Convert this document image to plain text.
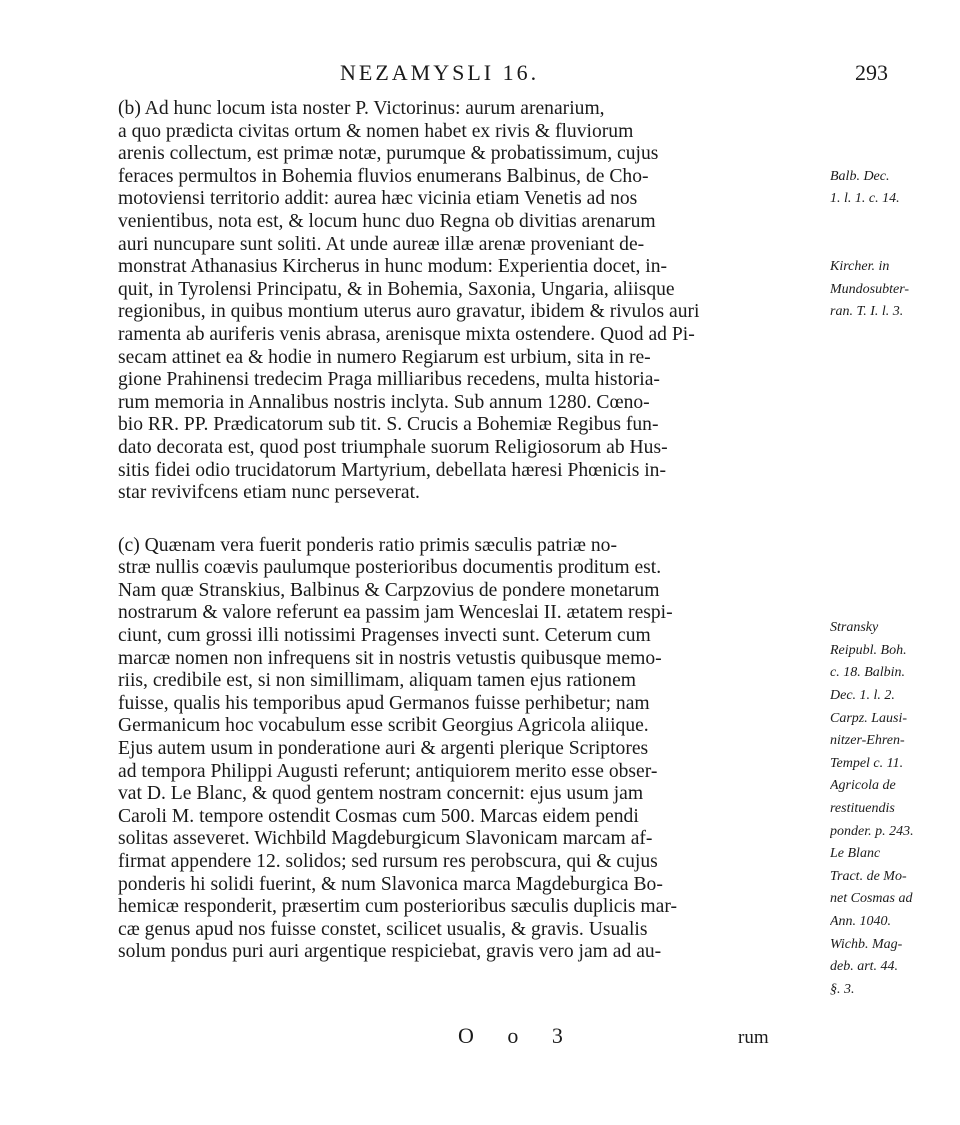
NEZAMYSLI 16.	293
(b) Ad hunc locum ista noster P. Victorinus: aurum arenarium,
a quo prædicta civitas ortum & nomen habet ex rivis & fluviorum
arenis collectum, est primæ notæ, purumque & probatissimum, cujus
feraces permultos in Bohemia fluvios enumerans Balbinus, de Cho-
motoviensi territorio addit: aurea hæc vicinia etiam Venetis ad nos
venientibus, nota est, & locum hunc duo Regna ob divitias arenarum
auri nuncupare sunt soliti. At unde aureæ illæ arenæ proveniant de-
monstrat Athanasius Kircherus in hunc modum: Experientia docet, in-
quit, in Tyrolensi Principatu, & in Bohemia, Saxonia, Ungaria, aliisque
regionibus, in quibus montium uterus auro gravatur, ibidem & rivulos auri
ramenta ab auriferis venis abrasa, arenisque mixta ostendere. Quod ad Pi-
secam attinet ea & hodie in numero Regiarum est urbium, sita in re-
gione Prahinensi tredecim Praga milliaribus recedens, multa historia-
rum memoria in Annalibus nostris inclyta. Sub annum 1280. Cœno-
bio RR. PP. Prædicatorum sub tit. S. Crucis a Bohemiæ Regibus fun-
dato decorata est, quod post triumphale suorum Religiosorum ab Hus-
sitis fidei odio trucidatorum Martyrium, debellata hæresi Phœnicis in-
star revivifcens etiam nunc perseverat.
(c) Quænam vera fuerit ponderis ratio primis sæculis patriæ no-
stræ nullis coævis paulumque posterioribus documentis proditum est.
Nam quæ Stranskius, Balbinus & Carpzovius de pondere monetarum
nostrarum & valore referunt ea passim jam Wenceslai II. ætatem respi-
ciunt, cum grossi illi notissimi Pragenses invecti sunt. Ceterum cum
marcæ nomen non infrequens sit in nostris vetustis quibusque memo-
riis, credibile est, si non simillimam, aliquam tamen ejus rationem
fuisse, qualis his temporibus apud Germanos fuisse perhibetur; nam
Germanicum hoc vocabulum esse scribit Georgius Agricola aliique.
Ejus autem usum in ponderatione auri & argenti plerique Scriptores
ad tempora Philippi Augusti referunt; antiquiorem merito esse obser-
vat D. Le Blanc, & quod gentem nostram concernit: ejus usum jam
Caroli M. tempore ostendit Cosmas cum 500. Marcas eidem pendi
solitas asseveret. Wichbild Magdeburgicum Slavonicam marcam af-
firmat appendere 12. solidos; sed rursum res perobscura, qui & cujus
ponderis hi solidi fuerint, & num Slavonica marca Magdeburgica Bo-
hemicæ responderit, præsertim cum posterioribus sæculis duplicis mar-
cæ genus apud nos fuisse constet, scilicet usualis, & gravis. Usualis
solum pondus puri auri argentique respiciebat, gravis vero jam ad au-
Balb. Dec.
1. l. 1. c. 14.
Kircher. in
Mundosubter-
ran. T. I. l. 3.
Stransky
Reipubl. Boh.
c. 18. Balbin.
Dec. 1. l. 2.
Carpz. Lausi-
nitzer-Ehren-
Tempel c. 11.
Agricola de
restituendis
ponder. p. 243.
Le Blanc
Tract. de Mo-
net Cosmas ad
Ann. 1040.
Wichb. Mag-
deb. art. 44.
§. 3.
O o 3	rum
